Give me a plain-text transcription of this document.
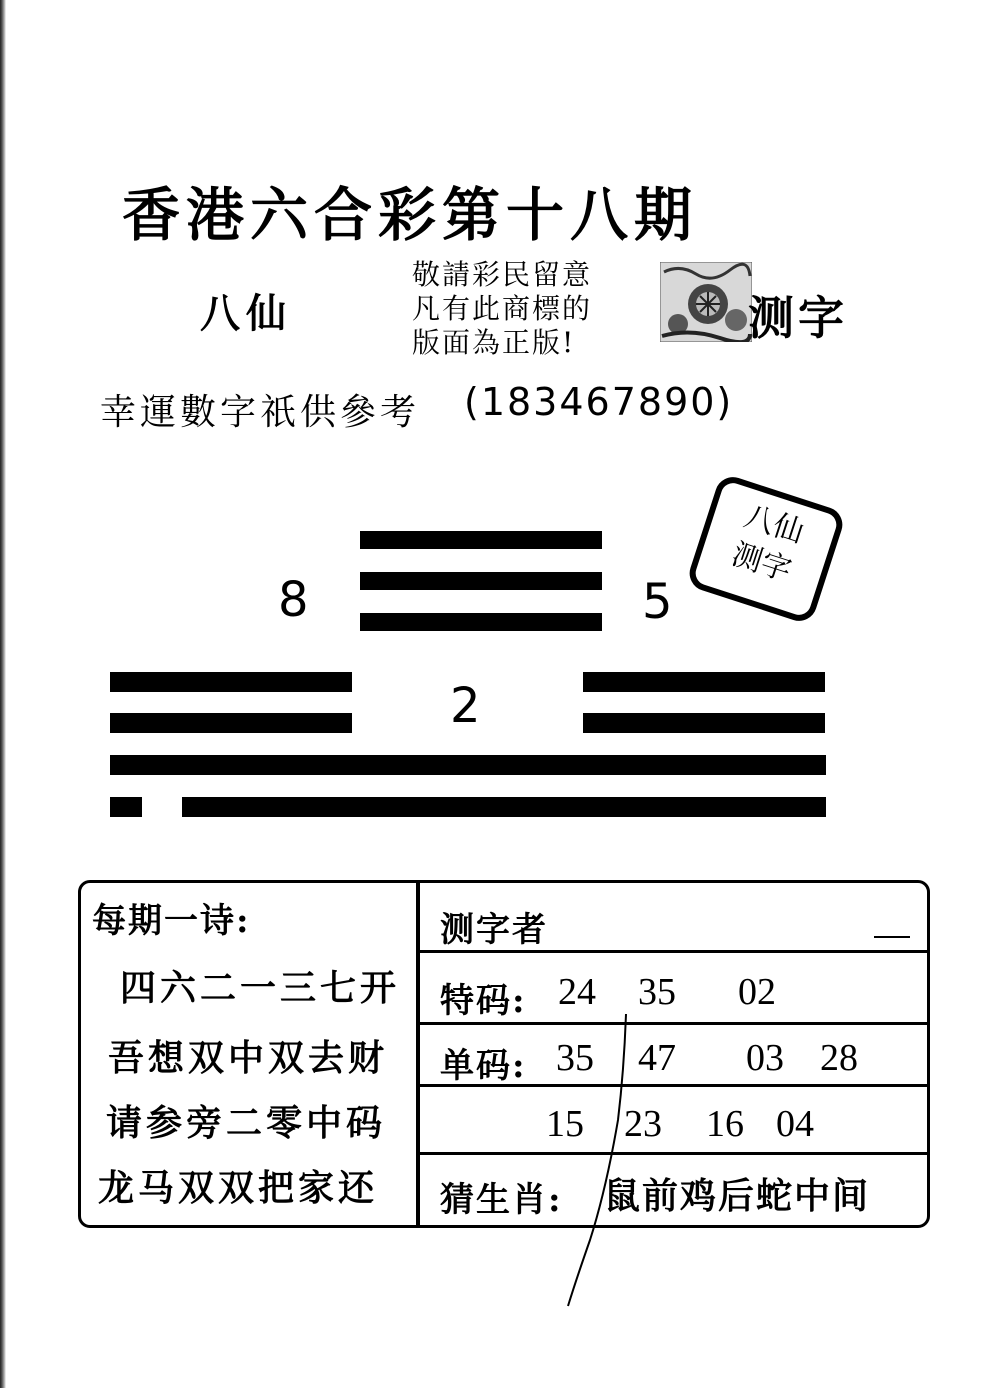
香港六合彩第十八期
八仙
敬請彩民留意
凡有此商標的
版面為正版!	测字
幸運數字祇供參考 (183467890)
8	5
2
八仙
测字
每期一诗:
四六二一三七开
吾想双中双去财
请参旁二零中码
龙马双双把家还
测字者
特码: 24 35 02
单码: 35 47 03 28
15 23 16 04
猜生肖: 鼠前鸡后蛇中间
